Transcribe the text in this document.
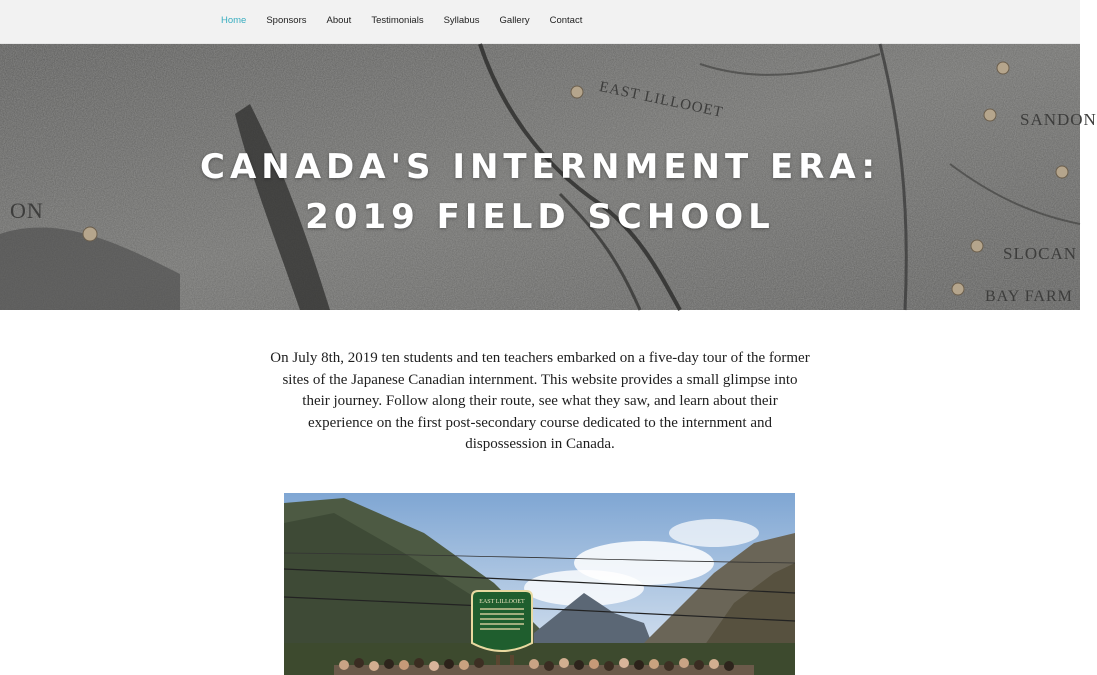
Home Sponsors About Testimonials Syllabus Gallery Contact
EAST LILLOOET	SANDON
SLOCAN
BAY FARM
ON
CANADA'S INTERNMENT ERA:
2019 FIELD SCHOOL
On July 8th, 2019 ten students and ten teachers embarked on a five-day tour of the former sites of the Japanese Canadian internment. This website provides a small glimpse into their journey. Follow along their route, see what they saw, and learn about their experience on the first post-secondary course dedicated to the internment and dispossession in Canada.
EAST LILLOOET
